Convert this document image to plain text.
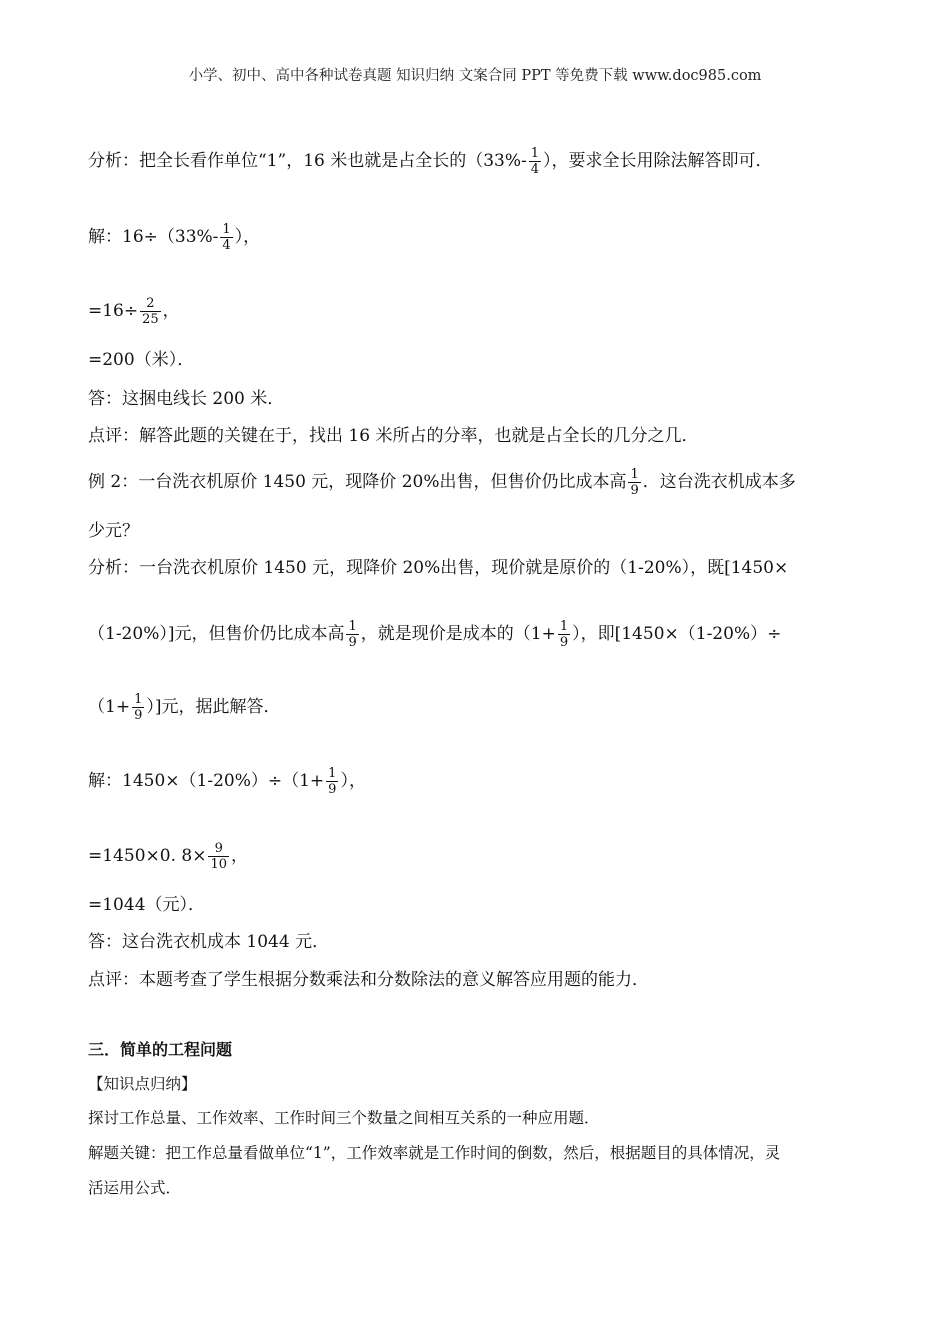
小学、初中、高中各种试卷真题 知识归纳 文案合同 PPT 等免费下载 www.doc985.com
分析：把全长看作单位“1”，16 米也就是占全长的（$33\%- \frac{1}{4}$ ），要求全长用除法解答即可．
解：$16\div(33\%- \frac{1}{4}$ ），
$=16\div \frac{2}{25}$ ，
=200（米）．
答：这捆电线长 200 米．
点评：解答此题的关键在于，找出 16 米所占的分率，也就是占全长的几分之几．
例 2：一台洗衣机原价 1450 元，现降价 20%出售，但售价仍比成本高 $\frac{1}{9}$ ．这台洗衣机成本多
少元？
分析：一台洗衣机原价 1450 元，现降价 20%出售，现价就是原价的（1-20%），既[1450×
（1-20%）]元，但售价仍比成本高 $\frac{1}{9}$ ，就是现价是成本的（$1+ \frac{1}{9}$ ），即[1450×（1-20%）÷
（$1+ \frac{1}{9}$ ）]元，据此解答．
解：$1450\times(1-20\%)\div(1+ \frac{1}{9}$ ），
=1450×0. $8\times \frac{9}{10}$ ，
=1044（元）．
答：这台洗衣机成本 1044 元．
点评：本题考查了学生根据分数乘法和分数除法的意义解答应用题的能力．
三．简单的工程问题
【知识点归纳】
探讨工作总量、工作效率、工作时间三个数量之间相互关系的一种应用题．
解题关键：把工作总量看做单位“1”，工作效率就是工作时间的倒数，然后，根据题目的具体情况，灵
活运用公式．
